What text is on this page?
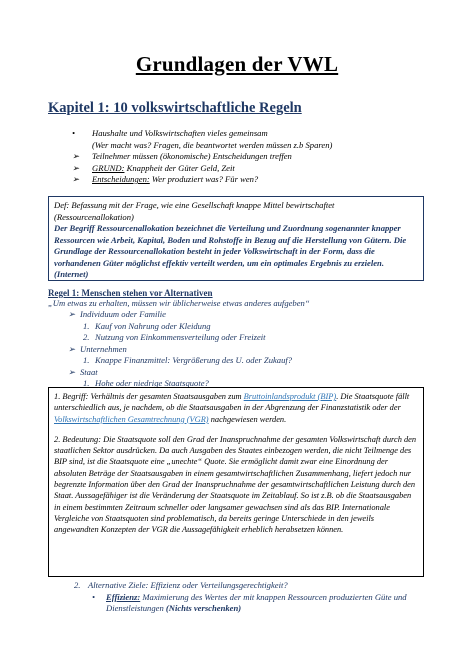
Grundlagen der VWL
Kapitel 1: 10 volkswirtschaftliche Regeln
• Haushalte und Volkswirtschaften vieles gemeinsam
(Wer macht was? Fragen, die beantwortet werden müssen z.b Sparen)
➢ Teilnehmer müssen (ökonomische) Entscheidungen treffen
➢ GRUND: Knappheit der Güter Geld, Zeit
➢ Entscheidungen: Wer produziert was? Für wen?
Def: Befassung mit der Frage, wie eine Gesellschaft knappe Mittel bewirtschaftet
(Ressourcenallokation)
Der Begriff Ressourcenallokation bezeichnet die Verteilung und Zuordnung sogenannter knapper Ressourcen wie Arbeit, Kapital, Boden und Rohstoffe in Bezug auf die Herstellung von Gütern. Die Grundlage der Ressourcenallokation besteht in jeder Volkswirtschaft in der Form, dass die vorhandenen Güter möglichst effektiv verteilt werden, um ein optimales Ergebnis zu erzielen. (Internet)
Regel 1: Menschen stehen vor Alternativen
„Um etwas zu erhalten, müssen wir üblicherweise etwas anderes aufgeben“
➢ Individuum oder Familie
1. Kauf von Nahrung oder Kleidung
2. Nutzung von Einkommensverteilung oder Freizeit
➢ Unternehmen
1. Knappe Finanzmittel: Vergrößerung des U. oder Zukauf?
➢ Staat
1. Hohe oder niedrige Staatsquote?
1. Begriff: Verhältnis der gesamten Staatsausgaben zum Bruttoinlandsprodukt (BIP). Die Staatsquote fällt unterschiedlich aus, je nachdem, ob die Staatsausgaben in der Abgrenzung der Finanzstatistik oder der Volkswirtschaftlichen Gesamtrechnung (VGR) nachgewiesen werden.
2. Bedeutung: Die Staatsquote soll den Grad der Inanspruchnahme der gesamten Volkswirtschaft durch den staatlichen Sektor ausdrücken. Da auch Ausgaben des Staates einbezogen werden, die nicht Teilmenge des BIP sind, ist die Staatsquote eine „unechte“ Quote. Sie ermöglicht damit zwar eine Einordnung der absoluten Beträge der Staatsausgaben in einem gesamtwirtschaftlichen Zusammenhang, liefert jedoch nur begrenzte Information über den Grad der Inanspruchnahme der gesamtwirtschaftlichen Leistung durch den Staat. Aussagefähiger ist die Veränderung der Staatsquote im Zeitablauf. So ist z.B. ob die Staatsausgaben in einem bestimmten Zeitraum schneller oder langsamer gewachsen sind als das BIP. Internationale Vergleiche von Staatsquoten sind problematisch, da bereits geringe Unterschiede in den jeweils angewandten Konzepten der VGR die Aussagefähigkeit erheblich herabsetzen können.
2. Alternative Ziele: Effizienz oder Verteilungsgerechtigkeit?
• Effizienz: Maximierung des Wertes der mit knappen Ressourcen produzierten Güte und Dienstleistungen (Nichts verschenken)
